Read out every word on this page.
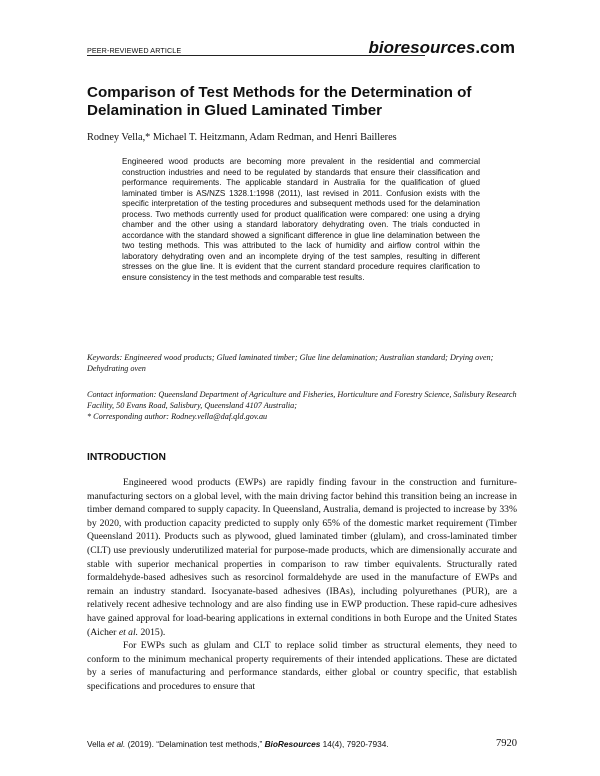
PEER-REVIEWED ARTICLE	bioresources.com
Comparison of Test Methods for the Determination of Delamination in Glued Laminated Timber
Rodney Vella,* Michael T. Heitzmann, Adam Redman, and Henri Bailleres
Engineered wood products are becoming more prevalent in the residential and commercial construction industries and need to be regulated by standards that ensure their classification and performance requirements. The applicable standard in Australia for the qualification of glued laminated timber is AS/NZS 1328.1:1998 (2011), last revised in 2011. Confusion exists with the specific interpretation of the testing procedures and subsequent methods used for the delamination process. Two methods currently used for product qualification were compared: one using a drying chamber and the other using a standard laboratory dehydrating oven. The trials conducted in accordance with the standard showed a significant difference in glue line delamination between the two testing methods. This was attributed to the lack of humidity and airflow control within the laboratory dehydrating oven and an incomplete drying of the test samples, resulting in different stresses on the glue line. It is evident that the current standard procedure requires clarification to ensure consistency in the test methods and comparable test results.
Keywords: Engineered wood products; Glued laminated timber; Glue line delamination; Australian standard; Drying oven; Dehydrating oven

Contact information: Queensland Department of Agriculture and Fisheries, Horticulture and Forestry Science, Salisbury Research Facility, 50 Evans Road, Salisbury, Queensland 4107 Australia;

* Corresponding author: Rodney.vella@daf.qld.gov.au

INTRODUCTION

Engineered wood products (EWPs) are rapidly finding favour in the construction and furniture-manufacturing sectors on a global level, with the main driving factor behind this transition being an increase in timber demand compared to supply capacity. In Queensland, Australia, demand is projected to increase by 33% by 2020, with production capacity predicted to supply only 65% of the domestic market requirement (Timber Queensland 2011). Products such as plywood, glued laminated timber (glulam), and cross-laminated timber (CLT) use previously underutilized material for purpose-made products, which are dimensionally accurate and stable with superior mechanical properties in comparison to raw timber equivalents. Structurally rated formaldehyde-based adhesives such as resorcinol formaldehyde are used in the manufacture of EWPs and remain an industry standard. Isocyanate-based adhesives (IBAs), including polyurethanes (PUR), are a relatively recent adhesive technology and are also finding use in EWP production. These rapid-cure adhesives have gained approval for load-bearing applications in external conditions in both Europe and the United States (Aicher et al. 2015).

For EWPs such as glulam and CLT to replace solid timber as structural elements, they need to conform to the minimum mechanical property requirements of their intended applications. These are dictated by a series of manufacturing and performance standards, either global or country specific, that establish specifications and procedures to ensure that

Vella et al. (2019). “Delamination test methods,” BioResources 14(4), 7920-7934.	7920
